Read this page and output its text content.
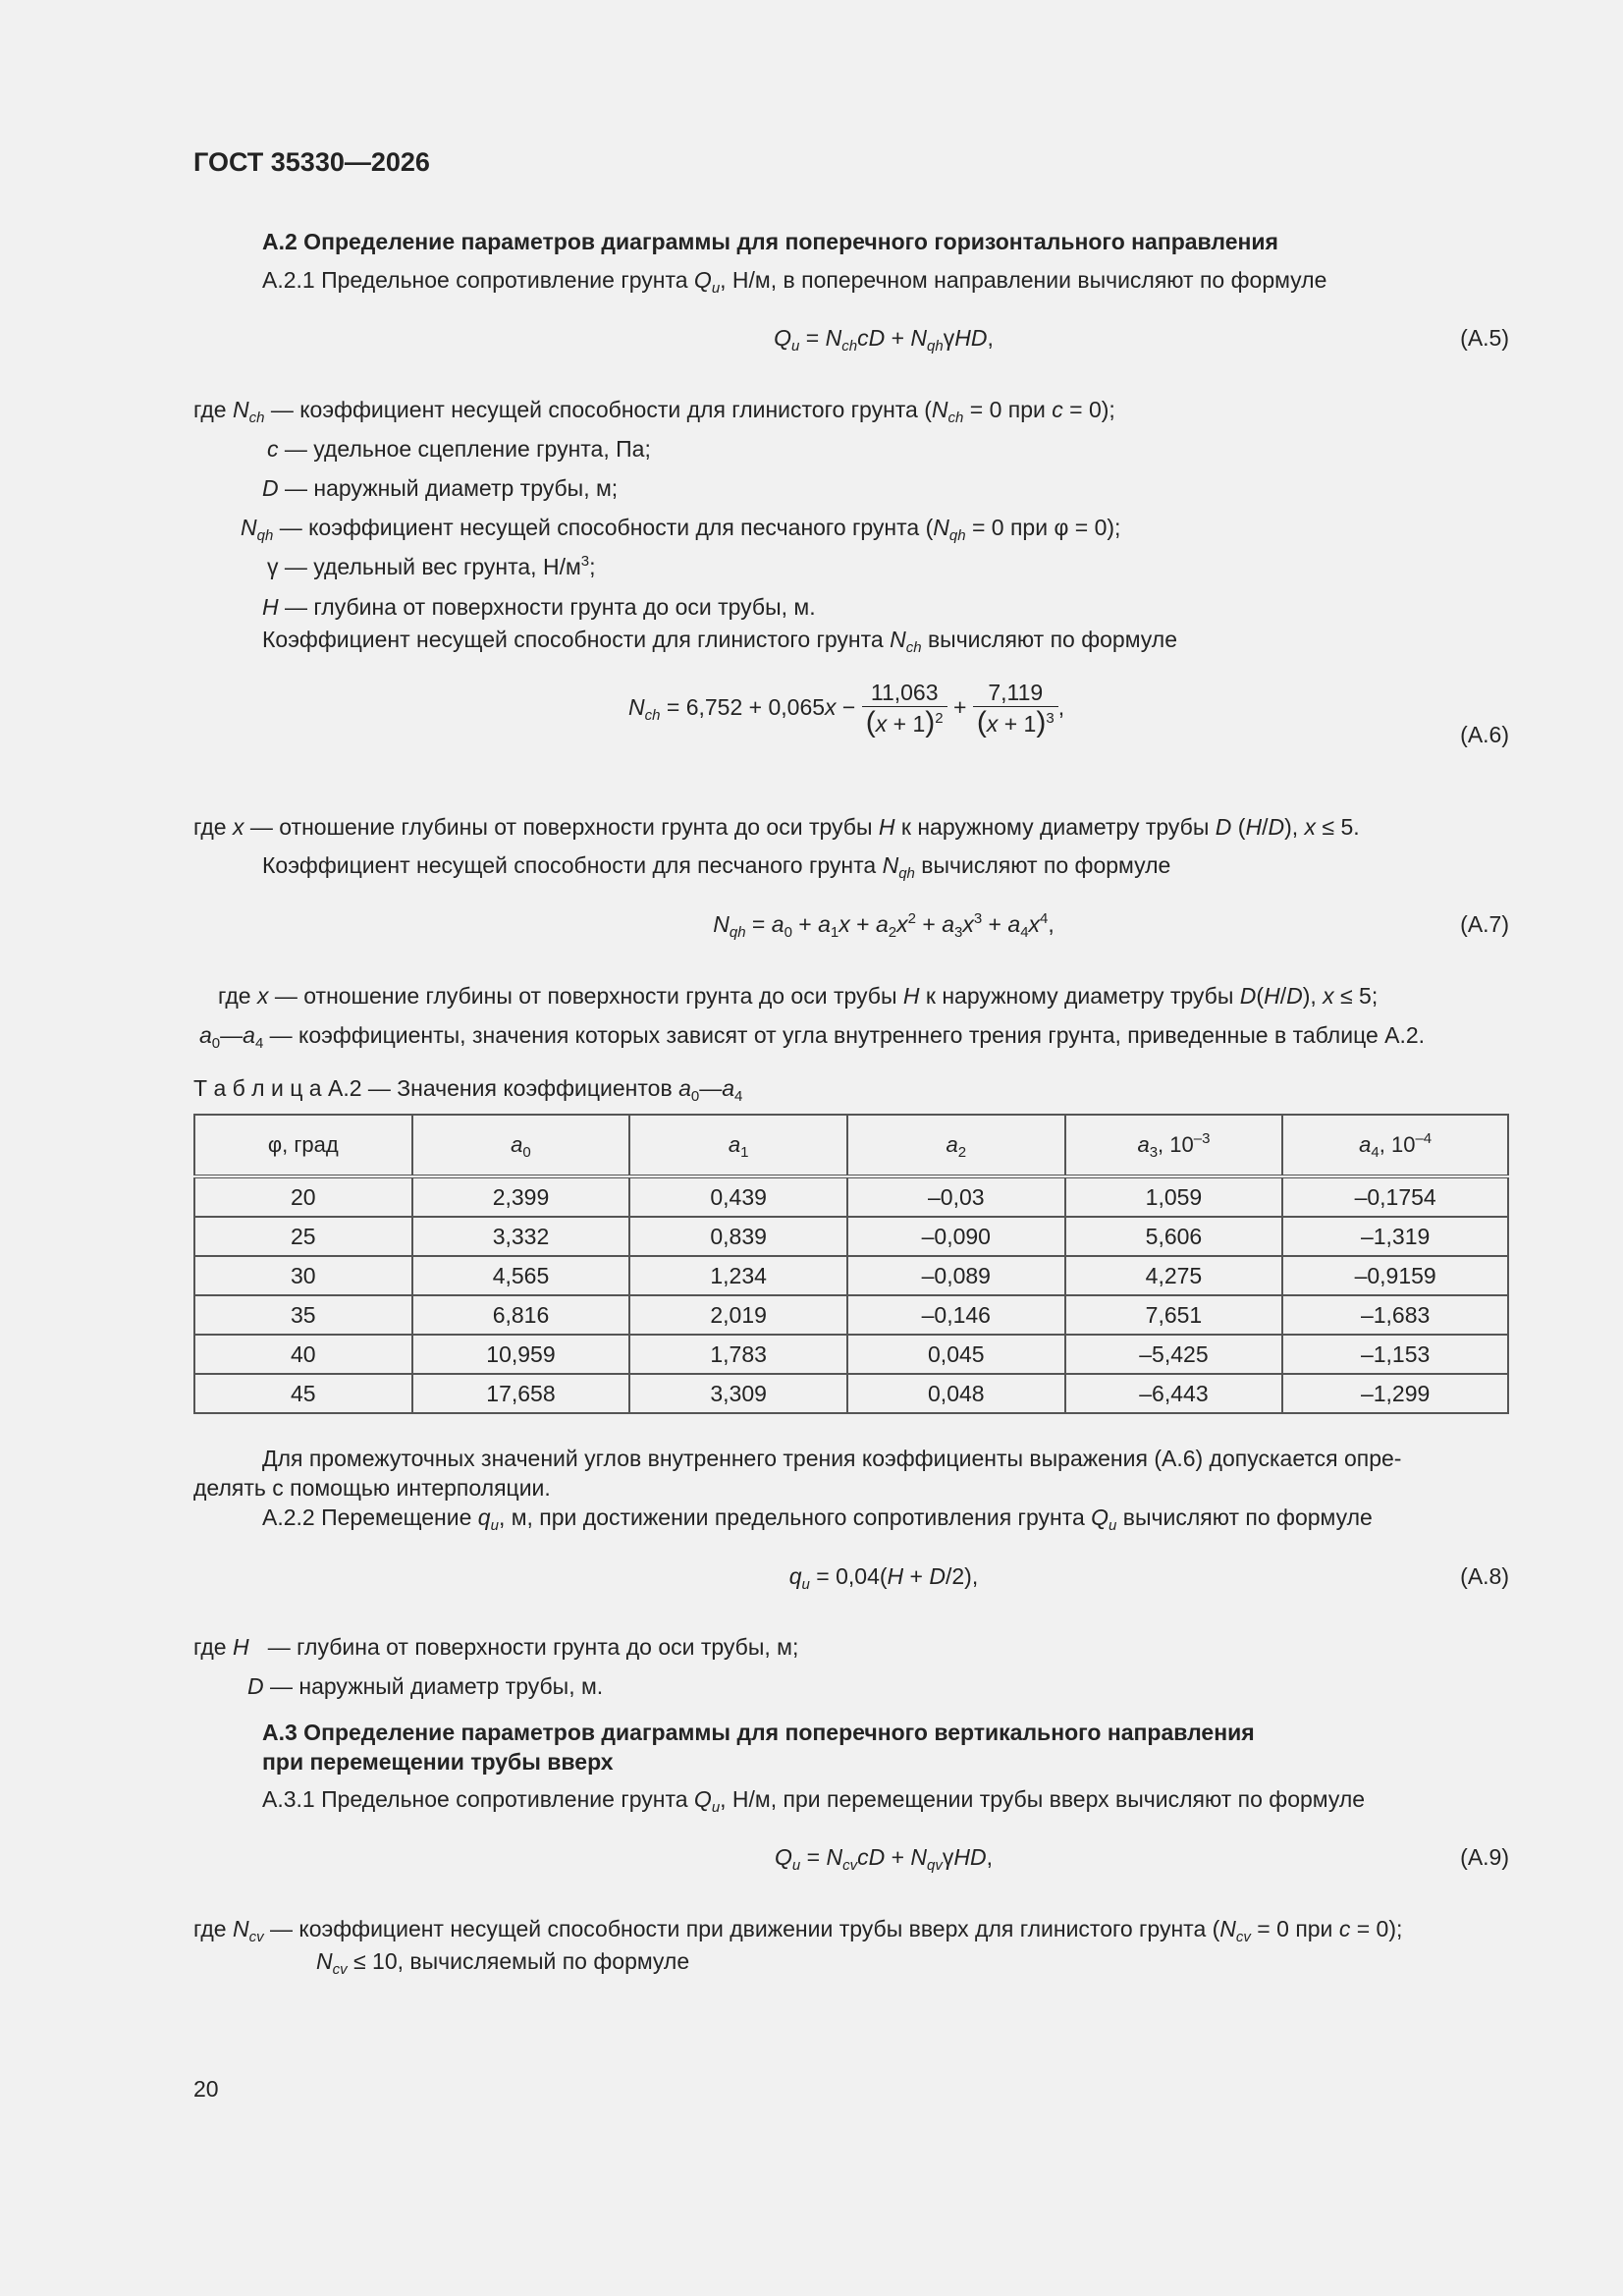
ГОСТ 35330—2026
А.2 Определение параметров диаграммы для поперечного горизонтального направления
А.2.1 Предельное сопротивление грунта $Q_u$, Н/м, в поперечном направлении вычисляют по формуле
$Q_u = N_{ch}cD + N_{qh}\gamma HD$,	(А.5)
где $N_{ch}$ — коэффициент несущей способности для глинистого грунта ($N_{ch} = 0$ при c = 0);
c — удельное сцепление грунта, Па;
D — наружный диаметр трубы, м;
$N_{qh}$ — коэффициент несущей способности для песчаного грунта ($N_{qh} = 0$ при φ = 0);
γ — удельный вес грунта, $Н/м^3$;
H — глубина от поверхности грунта до оси трубы, м.
Коэффициент несущей способности для глинистого грунта $N_{ch}$ вычисляют по формуле
$N_{ch} = 6,752 + 0,065x - \frac{11,063}{(x + 1)^2} + \frac{7,119}{(x + 1)^3}$ ,
(А.6)
где x — отношение глубины от поверхности грунта до оси трубы H к наружному диаметру трубы D (H/D), x ≤ 5.
Коэффициент несущей способности для песчаного грунта $N_{qh}$ вычисляют по формуле
$N_{qh} = a_0 + a_1x + a_2x^2 + a_3x^3 + a_4x^4$,	(А.7)
где x — отношение глубины от поверхности грунта до оси трубы H к наружному диаметру трубы D(H/D), x ≤ 5;
$a_0—a_4$ — коэффициенты, значения которых зависят от угла внутреннего трения грунта, приведенные в таблице А.2.
Т а б л и ц а А.2 — Значения коэффициентов $a_0—a_4$
φ, град	$a_0$	$a_1$	$a_2$	$a_3$, $10^{-3}$	$a_4$, $10^{-4}$
20	2,399	0,439	–0,03	1,059	–0,1754
25	3,332	0,839	–0,090	5,606	–1,319
30	4,565	1,234	–0,089	4,275	–0,9159
35	6,816	2,019	–0,146	7,651	–1,683
40	10,959	1,783	0,045	–5,425	–1,153
45	17,658	3,309	0,048	–6,443	–1,299
Для промежуточных значений углов внутреннего трения коэффициенты выражения (А.6) допускается опре-
делять с помощью интерполяции.
А.2.2 Перемещение $q_u$, м, при достижении предельного сопротивления грунта $Q_u$ вычисляют по формуле
$q_u = 0,04(H + D/2)$,	(А.8)
где H   — глубина от поверхности грунта до оси трубы, м;
D — наружный диаметр трубы, м.
А.3 Определение параметров диаграммы для поперечного вертикального направления
при перемещении трубы вверх
А.3.1 Предельное сопротивление грунта $Q_u$, Н/м, при перемещении трубы вверх вычисляют по формуле
$Q_u = N_{cv}cD + N_{qv}\gamma HD$,	(А.9)
где $N_{cv}$ — коэффициент несущей способности при движении трубы вверх для глинистого грунта ($N_{cv} = 0$ при c = 0);
$N_{cv} \le 10$, вычисляемый по формуле
20
